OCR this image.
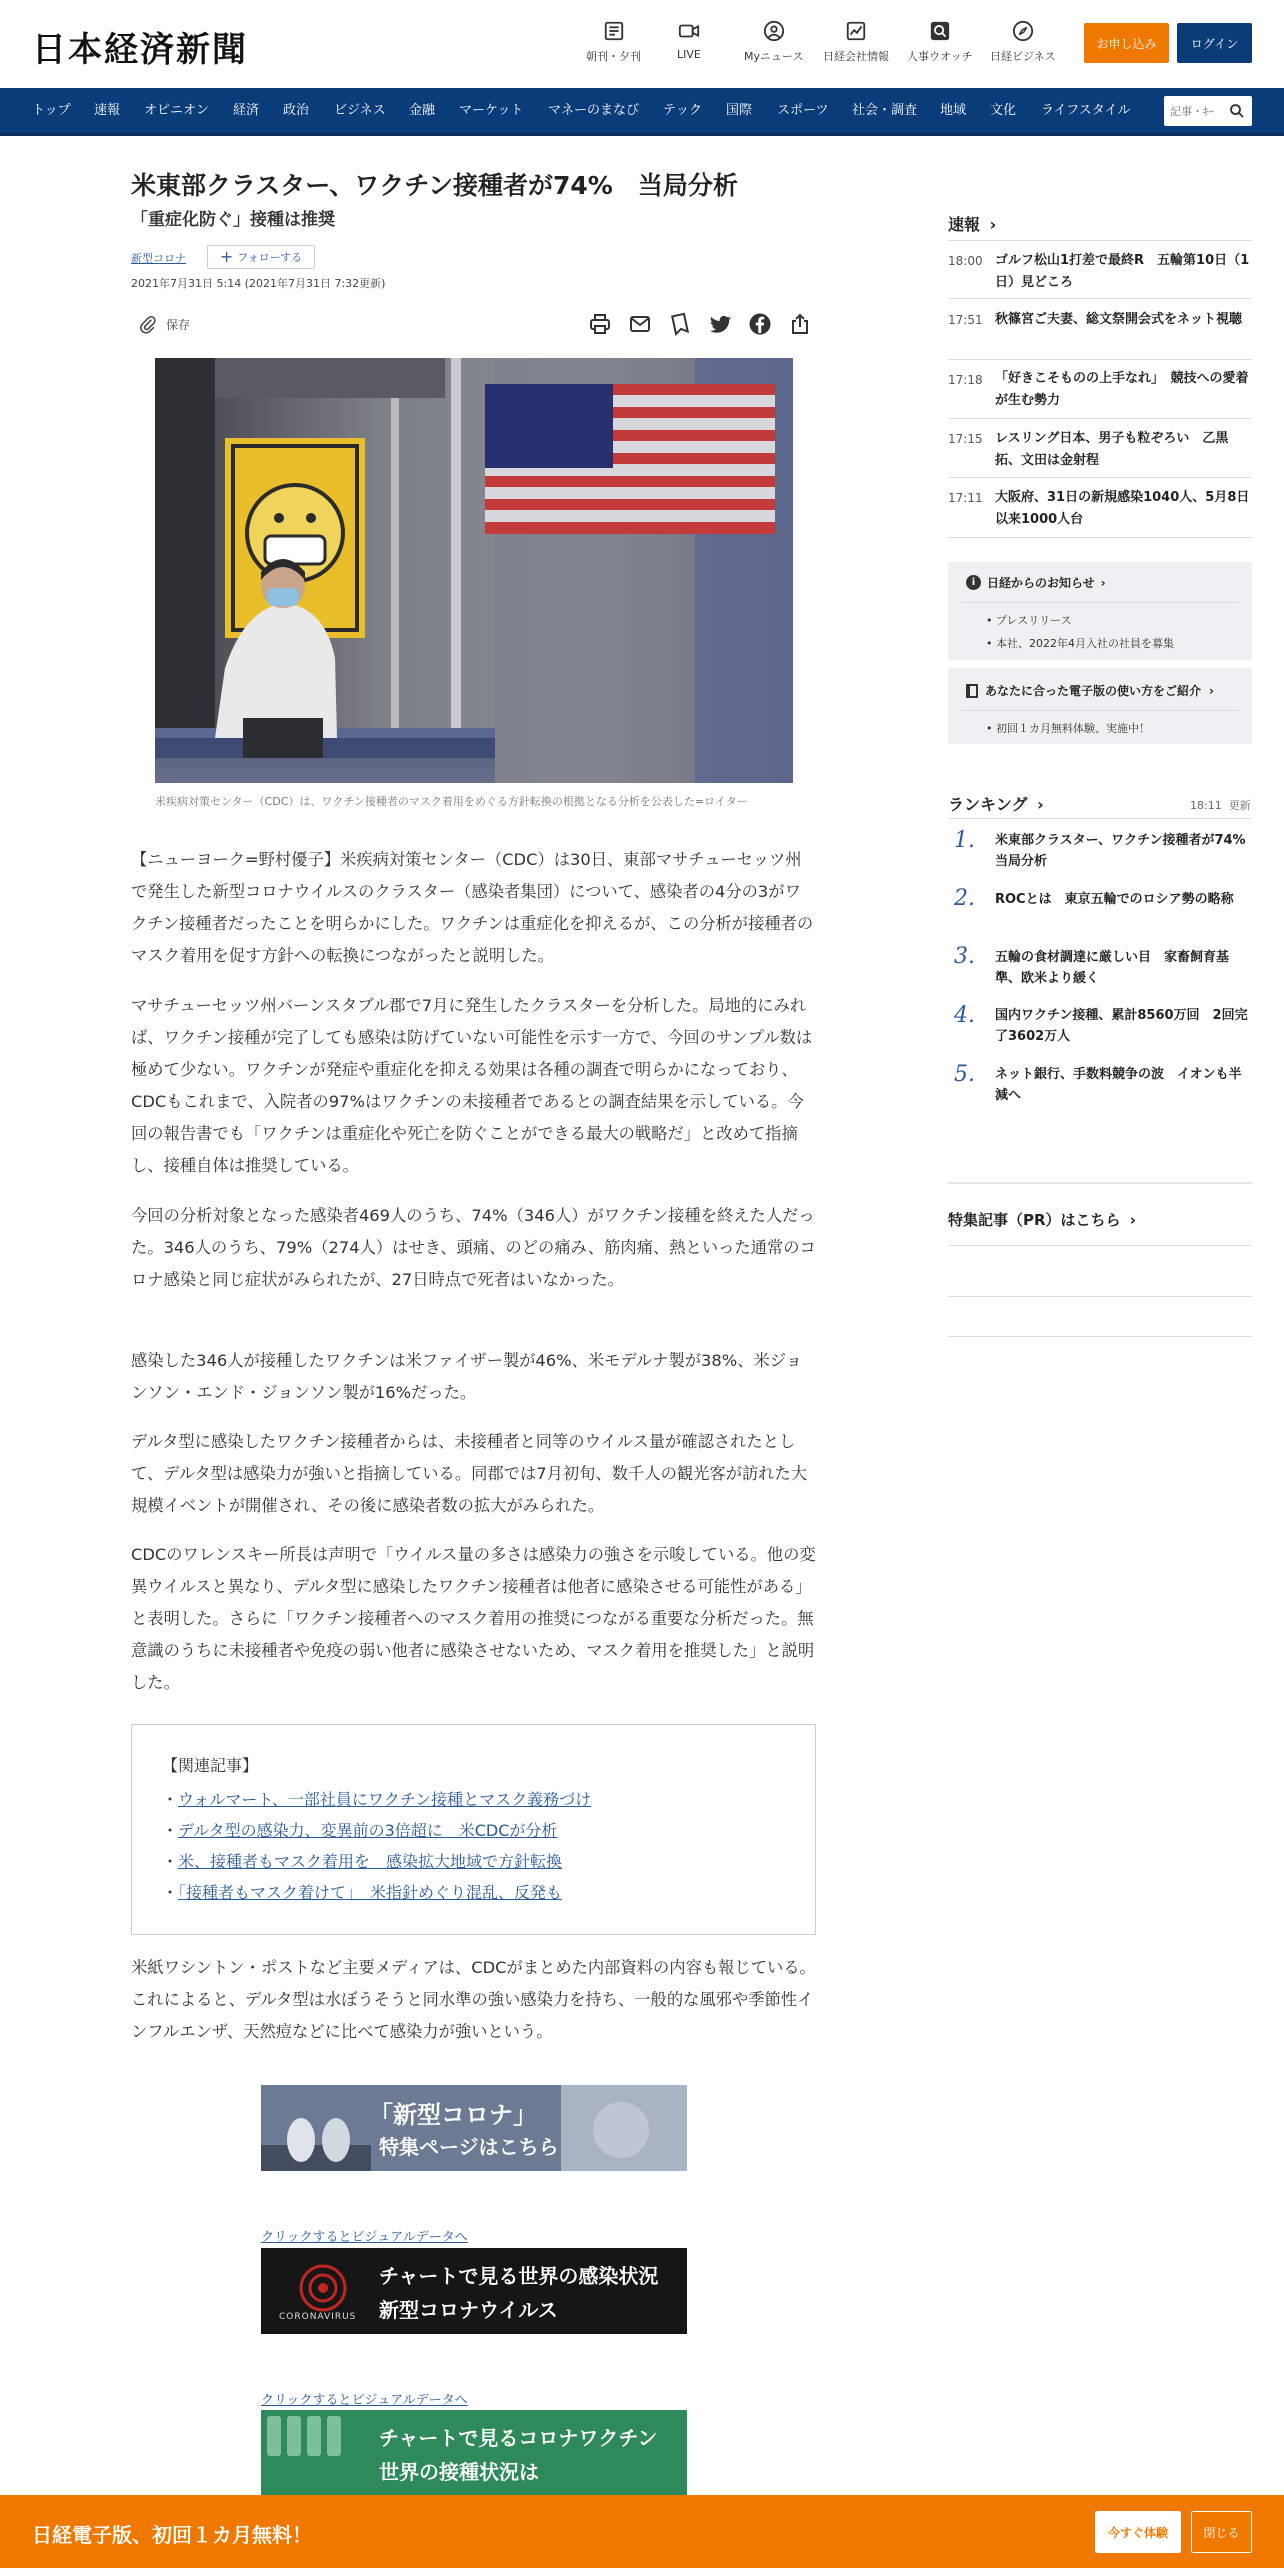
日本経済新聞	朝刊・夕刊	LIVE	Myニュース 日経会社情報 人事ウオッチ 日経ビジネス
お申し込み	ログイン
トップ 速報 オピニオン 経済 政治 ビジネス 金融 マーケット マネーのまなび テック 国際 スポーツ 社会・調査 地域 文化 ライフスタイル
記事・ｷｰ
米東部クラスター、ワクチン接種者が74%　当局分析
「重症化防ぐ」接種は推奨
新型コロナ + フォローする
2021年7月31日 5:14 (2021年7月31日 7:32更新)
保存
米疾病対策センター（CDC）は、ワクチン接種者のマスク着用をめぐる方針転換の根拠となる分析を公表した=ロイター

【ニューヨーク=野村優子】米疾病対策センター（CDC）は30日、東部マサチューセッツ州で発生した新型コロナウイルスのクラスター（感染者集団）について、感染者の4分の3がワクチン接種者だったことを明らかにした。ワクチンは重症化を抑えるが、この分析が接種者のマスク着用を促す方針への転換につながったと説明した。

マサチューセッツ州バーンスタブル郡で7月に発生したクラスターを分析した。局地的にみれば、ワクチン接種が完了しても感染は防げていない可能性を示す一方で、今回のサンプル数は極めて少ない。ワクチンが発症や重症化を抑える効果は各種の調査で明らかになっており、CDCもこれまで、入院者の97%はワクチンの未接種者であるとの調査結果を示している。今回の報告書でも「ワクチンは重症化や死亡を防ぐことができる最大の戦略だ」と改めて指摘し、接種自体は推奨している。

今回の分析対象となった感染者469人のうち、74%（346人）がワクチン接種を終えた人だった。346人のうち、79%（274人）はせき、頭痛、のどの痛み、筋肉痛、熱といった通常のコロナ感染と同じ症状がみられたが、27日時点で死者はいなかった。

感染した346人が接種したワクチンは米ファイザー製が46%、米モデルナ製が38%、米ジョンソン・エンド・ジョンソン製が16%だった。

デルタ型に感染したワクチン接種者からは、未接種者と同等のウイルス量が確認されたとして、デルタ型は感染力が強いと指摘している。同郡では7月初旬、数千人の観光客が訪れた大規模イベントが開催され、その後に感染者数の拡大がみられた。

CDCのワレンスキー所長は声明で「ウイルス量の多さは感染力の強さを示唆している。他の変異ウイルスと異なり、デルタ型に感染したワクチン接種者は他者に感染させる可能性がある」と表明した。さらに「ワクチン接種者へのマスク着用の推奨につながる重要な分析だった。無意識のうちに未接種者や免疫の弱い他者に感染させないため、マスク着用を推奨した」と説明した。

【関連記事】
・ウォルマート、一部社員にワクチン接種とマスク義務づけ
・デルタ型の感染力、変異前の3倍超に　米CDCが分析
・米、接種者もマスク着用を　感染拡大地域で方針転換
・「接種者もマスク着けて」　米指針めぐり混乱、反発も

米紙ワシントン・ポストなど主要メディアは、CDCがまとめた内部資料の内容も報じている。これによると、デルタ型は水ぼうそうと同水準の強い感染力を持ち、一般的な風邪や季節性インフルエンザ、天然痘などに比べて感染力が強いという。

「新型コロナ」
特集ページはこちら
クリックするとビジュアルデータへ
CORONAVIRUS
チャートで見る世界の感染状況
新型コロナウイルス
クリックするとビジュアルデータへ
チャートで見るコロナワクチン
世界の接種状況は
速報 ›
18:00 ゴルフ松山1打差で最終R　五輪第10日（1日）見どころ
17:51 秋篠宮ご夫妻、総文祭開会式をネット視聴
17:18 「好きこそものの上手なれ」　競技への愛着が生む勢力
17:15 レスリング日本、男子も粒ぞろい　乙黒拓、文田は金射程
17:11 大阪府、31日の新規感染1040人、5月8日以来1000人台
i 日経からのお知らせ ›
• プレスリリース
• 本社、2022年4月入社の社員を募集
あなたに合った電子版の使い方をご紹介 ›
• 初回１カ月無料体験、実施中！
ランキング ›	18:11  更新
1. 米東部クラスター、ワクチン接種者が74%　当局分析
2. ROCとは　東京五輪でのロシア勢の略称
3. 五輪の食材調達に厳しい目　家畜飼育基準、欧米より緩く
4. 国内ワクチン接種、累計8560万回　2回完了3602万人
5. ネット銀行、手数料競争の波　イオンも半減へ
特集記事（PR）はこちら ›
日経電子版、初回１カ月無料！	今すぐ体験	閉じる
